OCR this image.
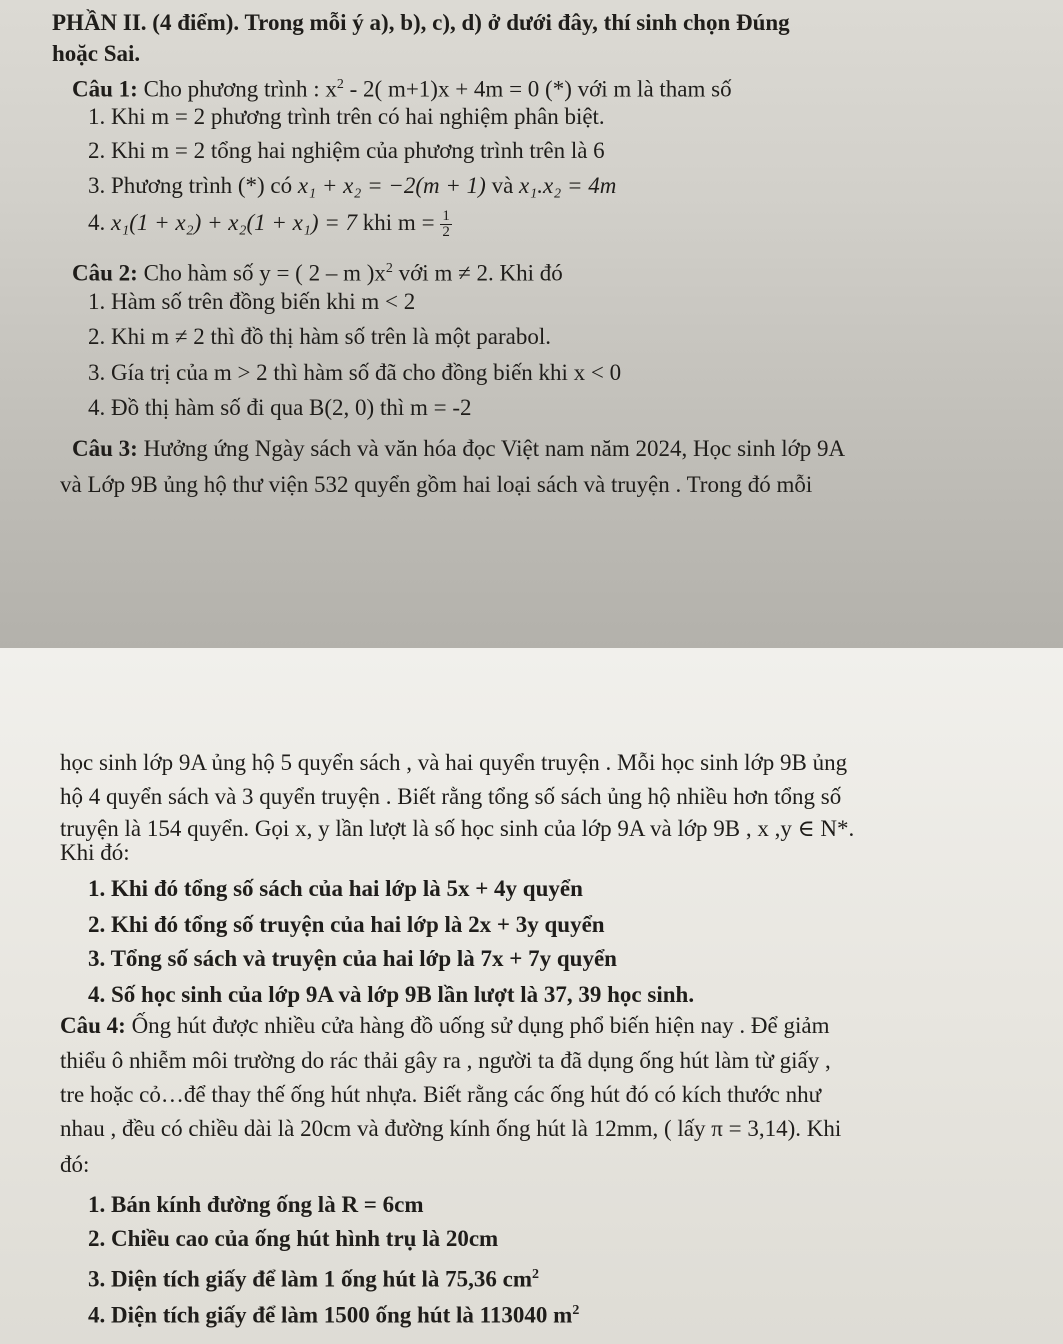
PHẦN II. (4 điểm). Trong mỗi ý a), b), c), d) ở dưới đây, thí sinh chọn Đúng
hoặc Sai.
Câu 1: Cho phương trình : $x^2 - 2$( m+1)x + 4m = 0 (*) với m là tham số
1. Khi m = 2 phương trình trên có hai nghiệm phân biệt.
2. Khi m = 2 tổng hai nghiệm của phương trình trên là 6
3. Phương trình (*) có x₁ + x₂ = −2(m + 1) và x₁.x₂ = 4m
4. x₁(1 + x₂) + x₂(1 + x₁) = 7 khi $m = \frac{1}{2}$
Câu 2: Cho hàm số y = ( 2 – m )$x^2$ với m ≠ 2. Khi đó
1. Hàm số trên đồng biến khi m < 2
2. Khi m ≠ 2 thì đồ thị hàm số trên là một parabol.
3. Gía trị của m > 2 thì hàm số đã cho đồng biến khi x < 0
4. Đồ thị hàm số đi qua B(2, 0) thì m = -2
Câu 3: Hưởng ứng Ngày sách và văn hóa đọc Việt nam năm 2024, Học sinh lớp 9A
và Lớp 9B ủng hộ thư viện 532 quyển gồm hai loại sách và truyện . Trong đó mỗi
học sinh lớp 9A ủng hộ 5 quyển sách , và hai quyển truyện . Mỗi học sinh lớp 9B ủng
hộ 4 quyển sách và 3 quyển truyện . Biết rằng tổng số sách ủng hộ nhiều hơn tổng số
truyện là 154 quyển. Gọi x, y lần lượt là số học sinh của lớp 9A và lớp 9B , x ,y ∈ N*.
Khi đó:
1. Khi đó tổng số sách của hai lớp là 5x + 4y quyển
2. Khi đó tổng số truyện của hai lớp là 2x + 3y quyển
3. Tổng số sách và truyện của hai lớp là 7x + 7y quyển
4. Số học sinh của lớp 9A và lớp 9B lần lượt là 37, 39 học sinh.
Câu 4: Ống hút được nhiều cửa hàng đồ uống sử dụng phổ biến hiện nay . Để giảm
thiểu ô nhiễm môi trường do rác thải gây ra , người ta đã dụng ống hút làm từ giấy ,
tre hoặc cỏ…để thay thế ống hút nhựa. Biết rằng các ống hút đó có kích thước như
nhau , đều có chiều dài là 20cm và đường kính ống hút là 12mm, ( lấy π = 3,14). Khi
đó:
1. Bán kính đường ống là R = 6cm
2. Chiều cao của ống hút hình trụ là 20cm
3. Diện tích giấy để làm 1 ống hút là 75,36 $cm^2$
4. Diện tích giấy để làm 1500 ống hút là 113040 $m^2$
